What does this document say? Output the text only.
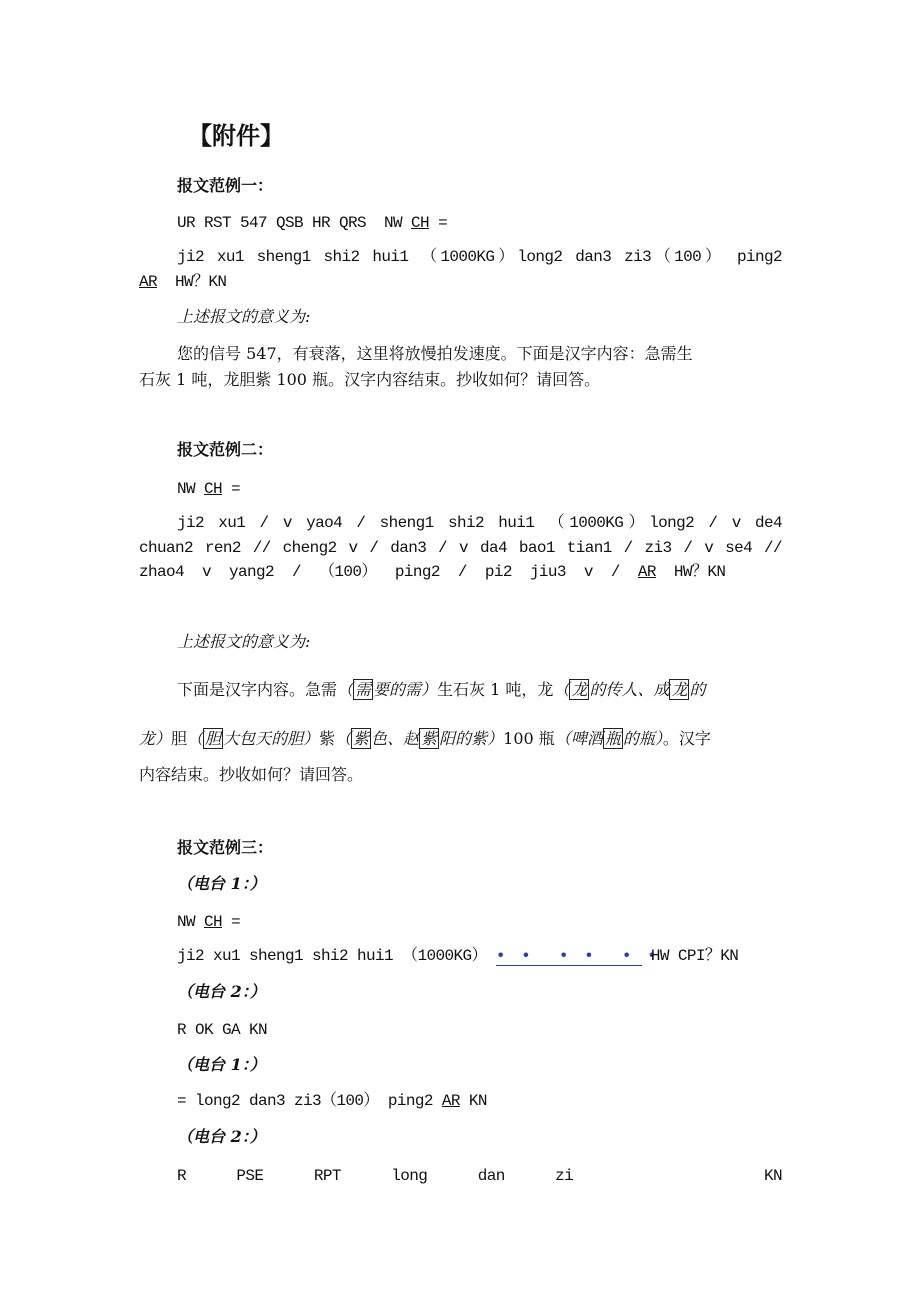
【附件】
报文范例一：
UR RST 547 QSB HR QRS  NW CH =
ji2 xu1 sheng1 shi2 hui1 （1000KG）long2 dan3 zi3（100） ping2
AR  HW？KN
上述报文的意义为:
您的信号 547，有衰落，这里将放慢拍发速度。下面是汉字内容：急需生
石灰 1 吨，龙胆紫 100 瓶。汉字内容结束。抄收如何？请回答。
报文范例二：
NW CH =
ji2 xu1 / v yao4 / sheng1 shi2 hui1 （1000KG）long2 / v de4
chuan2 ren2 // cheng2 v / dan3 / v da4 bao1 tian1 / zi3 / v se4 //
zhao4  v  yang2  /  （100）  ping2  /  pi2  jiu3  v  /  AR  HW？KN
上述报文的意义为:
下面是汉字内容。急需（ 需 要的需）生石灰 1 吨，龙（ 龙 的传人、成 龙 的
龙）胆（ 胆 大包天的胆）紫（ 紫 色、赵 紫 阳的紫）100 瓶（啤酒 瓶 的瓶）。汉字
内容结束。抄收如何？请回答。
报文范例三：
（电台 1：）
NW CH =
ji2 xu1 sheng1 shi2 hui1 （1000KG） • •  • •  • • HW CPI？KN
（电台 2：）
R OK GA KN
（电台 1：）
= long2 dan3 zi3（100） ping2 AR KN
（电台 2：）
R	PSE	RPT	long	dan	zi	KN
